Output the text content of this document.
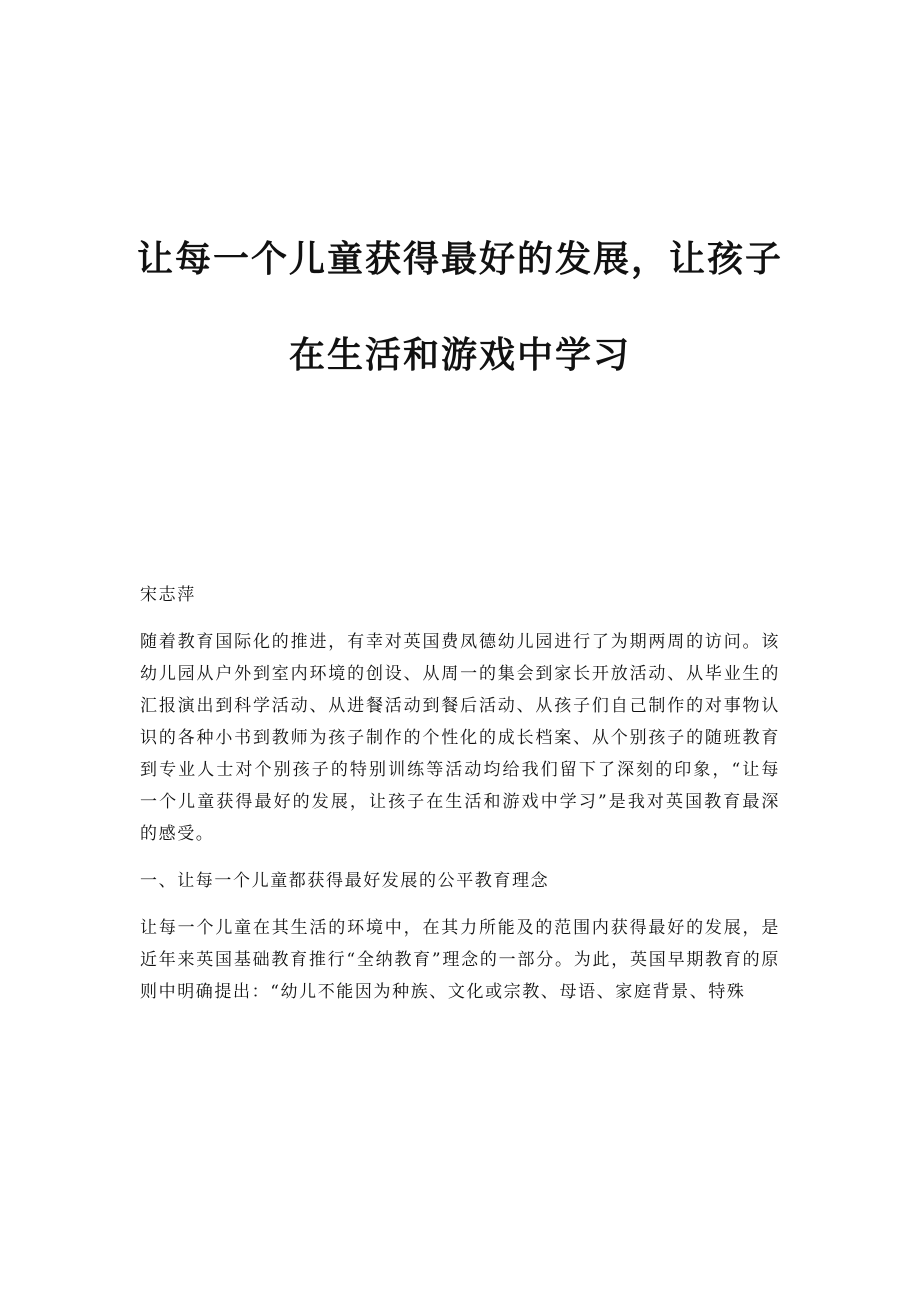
让每一个儿童获得最好的发展，让孩子
在生活和游戏中学习

宋志萍

随着教育国际化的推进，有幸对英国费凤德幼儿园进行了为期两周的访问。该幼儿园从户外到室内环境的创设、从周一的集会到家长开放活动、从毕业生的汇报演出到科学活动、从进餐活动到餐后活动、从孩子们自己制作的对事物认识的各种小书到教师为孩子制作的个性化的成长档案、从个别孩子的随班教育到专业人士对个别孩子的特别训练等活动均给我们留下了深刻的印象，“让每一个儿童获得最好的发展，让孩子在生活和游戏中学习”是我对英国教育最深的感受。

一、让每一个儿童都获得最好发展的公平教育理念

让每一个儿童在其生活的环境中，在其力所能及的范围内获得最好的发展，是近年来英国基础教育推行“全纳教育”理念的一部分。为此，英国早期教育的原则中明确提出：“幼儿不能因为种族、文化或宗教、母语、家庭背景、特殊
